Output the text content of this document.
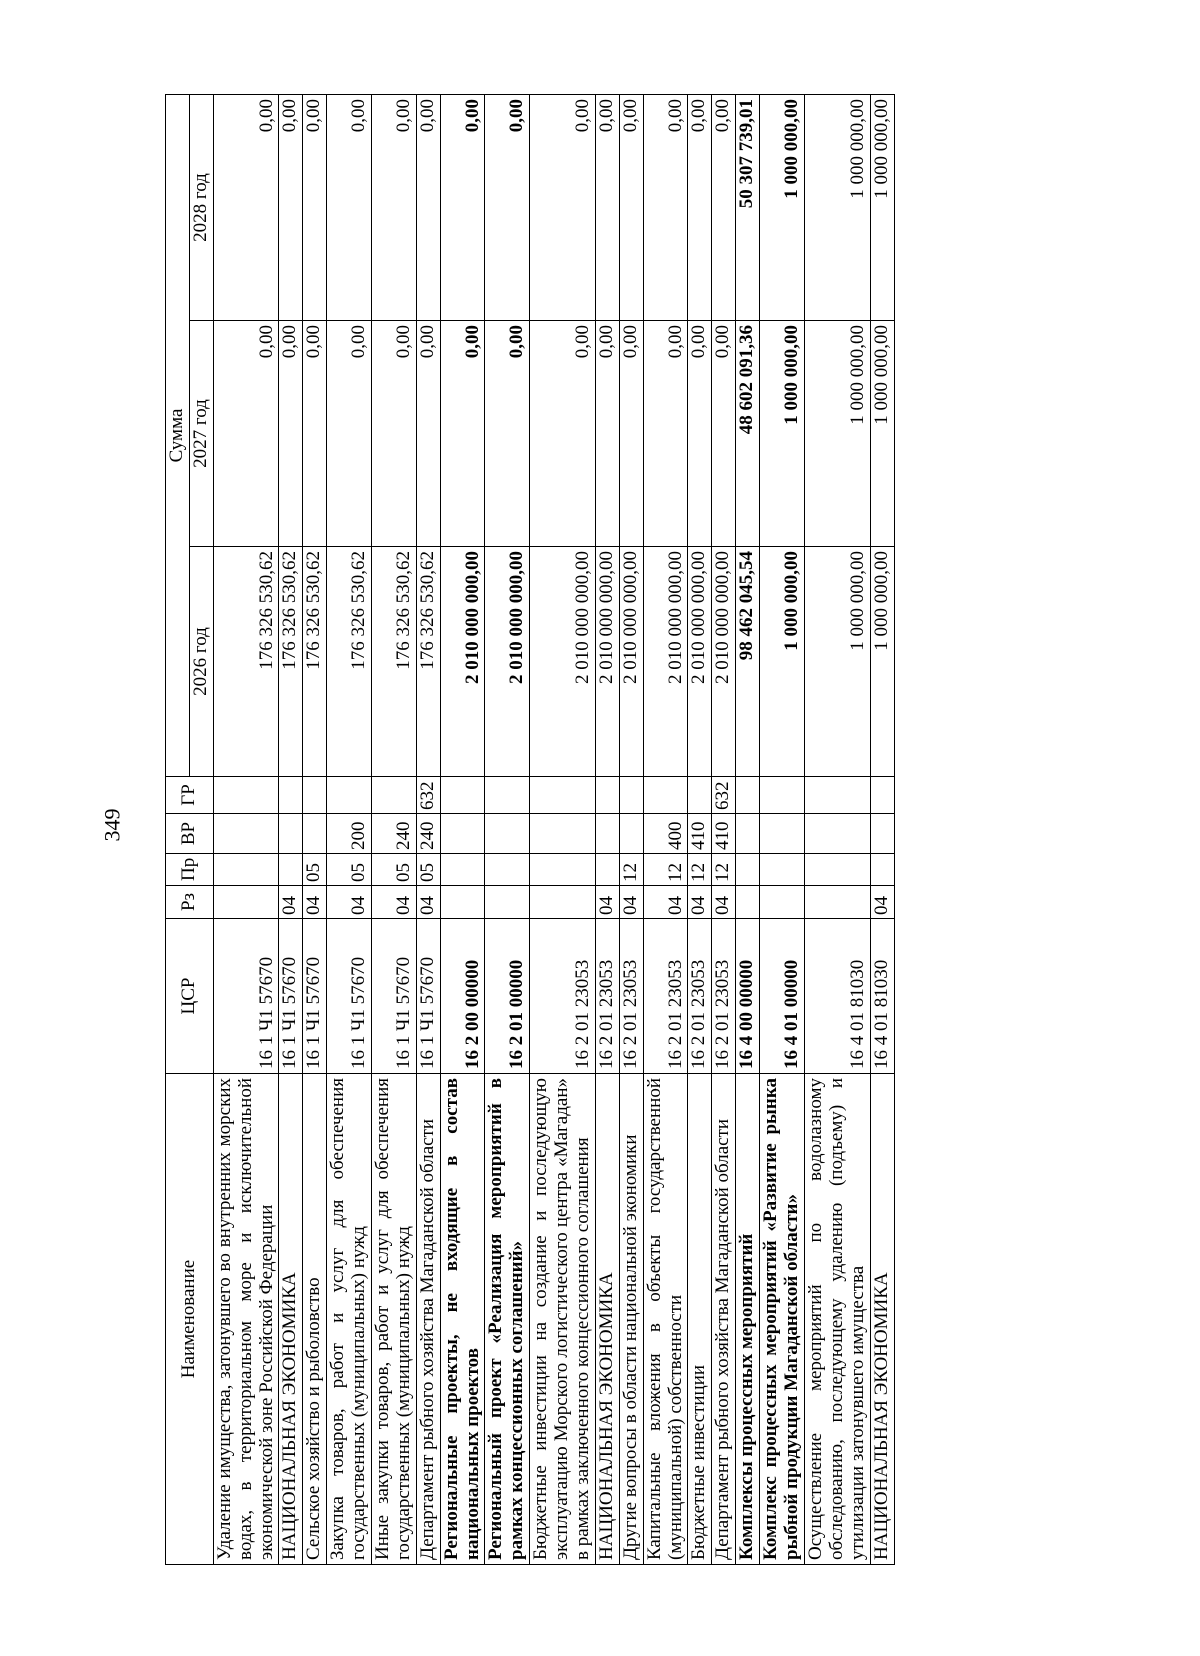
349
Наименование	ЦСР	Рз	Пр	ВР	ГР	Сумма		
						2026 год	2027 год	2028 год
Удаление имущества, затонувшего во внутренних морских водах, в территориальном море и исключительной экономической зоне Российской Федерации	16 1 Ч1 57670					176 326 530,62	0,00	0,00
НАЦИОНАЛЬНАЯ ЭКОНОМИКА	16 1 Ч1 57670	04				176 326 530,62	0,00	0,00
Сельское хозяйство и рыболовство	16 1 Ч1 57670	04	05			176 326 530,62	0,00	0,00
Закупка товаров, работ и услуг для обеспечения государственных (муниципальных) нужд	16 1 Ч1 57670	04	05	200		176 326 530,62	0,00	0,00
Иные закупки товаров, работ и услуг для обеспечения государственных (муниципальных) нужд	16 1 Ч1 57670	04	05	240		176 326 530,62	0,00	0,00
Департамент рыбного хозяйства Магаданской области	16 1 Ч1 57670	04	05	240	632	176 326 530,62	0,00	0,00
Региональные проекты, не входящие в состав национальных проектов	16 2 00 00000					2 010 000 000,00	0,00	0,00
Региональный проект «Реализация мероприятий в рамках концессионных соглашений»	16 2 01 00000					2 010 000 000,00	0,00	0,00
Бюджетные инвестиции на создание и последующую эксплуатацию Морского логистического центра «Магадан» в рамках заключенного концессионного соглашения	16 2 01 23053					2 010 000 000,00	0,00	0,00
НАЦИОНАЛЬНАЯ ЭКОНОМИКА	16 2 01 23053	04				2 010 000 000,00	0,00	0,00
Другие вопросы в области национальной экономики	16 2 01 23053	04	12			2 010 000 000,00	0,00	0,00
Капитальные вложения в объекты государственной (муниципальной) собственности	16 2 01 23053	04	12	400		2 010 000 000,00	0,00	0,00
Бюджетные инвестиции	16 2 01 23053	04	12	410		2 010 000 000,00	0,00	0,00
Департамент рыбного хозяйства Магаданской области	16 2 01 23053	04	12	410	632	2 010 000 000,00	0,00	0,00
Комплексы процессных мероприятий	16 4 00 00000					98 462 045,54	48 602 091,36	50 307 739,01
Комплекс процессных мероприятий «Развитие рынка рыбной продукции Магаданской области»	16 4 01 00000					1 000 000,00	1 000 000,00	1 000 000,00
Осуществление мероприятий по водолазному обследованию, последующему удалению (подъему) и утилизации затонувшего имущества	16 4 01 81030					1 000 000,00	1 000 000,00	1 000 000,00
НАЦИОНАЛЬНАЯ ЭКОНОМИКА	16 4 01 81030	04				1 000 000,00	1 000 000,00	1 000 000,00
